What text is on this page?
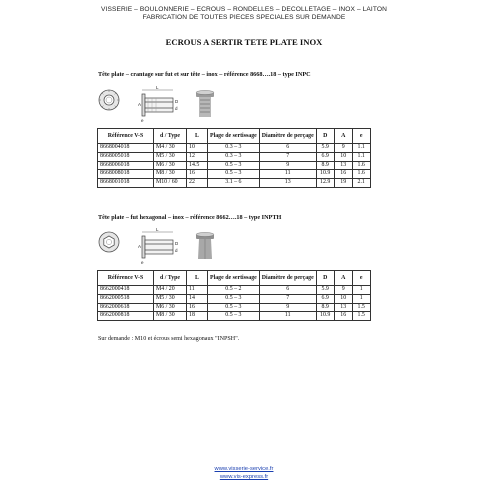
VISSERIE – BOULONNERIE – ECROUS – RONDELLES – DECOLLETAGE – INOX – LAITON
FABRICATION DE TOUTES PIECES SPECIALES SUR DEMANDE
ECROUS A SERTIR TETE PLATE INOX
Tête plate – crantage sur fut et sur tête – inox – référence 8668….18 – type INPC
L
A
D
d
e
Référence V-S	d / Type	L	Plage de sertissage	Diamètre de perçage	D	A	e
8668004018	M4 / 30	10	0.3 – 3	6	5.9	9	1.1
8668005018	M5 / 30	12	0.3 – 3	7	6.9	10	1.1
8668006018	M6 / 30	14.5	0.5 – 3	9	8.9	13	1.6
8668008018	M8 / 30	16	0.5 – 3	11	10.9	16	1.6
8668001018	M10 / 60	22	3.1 – 6	13	12.9	19	2.1
Tête plate – fut hexagonal – inox – référence 8662….18 – type INPTH
L
A
D
d
e
Référence V-S	d / Type	L	Plage de sertissage	Diamètre de perçage	D	A	e
8662000418	M4 / 20	11	0.5 – 2	6	5.9	9	1
8662000518	M5 / 30	14	0.5 – 3	7	6.9	10	1
8662000618	M6 / 30	16	0.5 – 3	9	8.9	13	1.5
8662000818	M8 / 30	18	0.5 – 3	11	10.9	16	1.5
Sur demande : M10 et écrous semi hexagonaux "INPSH".
www.visserie-service.fr
www.vis-express.fr
